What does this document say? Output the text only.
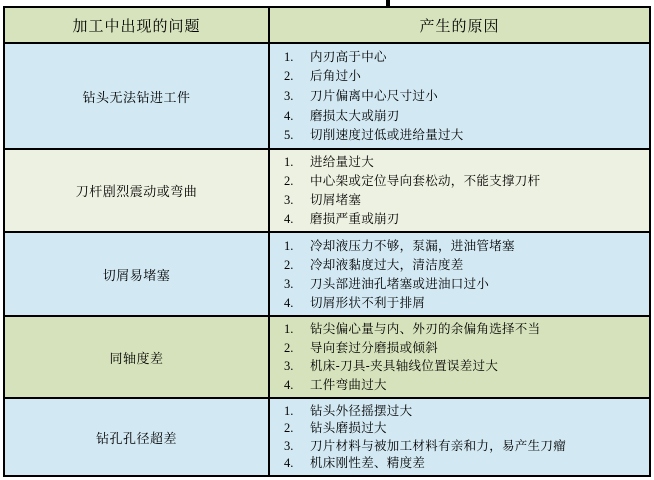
加工中出现的问题	产生的原因
钻头无法钻进工件	
1.	内刃高于中心
2.	后角过小
3.	刀片偏离中心尺寸过小
4.	磨损太大或崩刃
5.	切削速度过低或进给量过大

刀杆剧烈震动或弯曲	
1.	进给量过大
2.	中心架或定位导向套松动，不能支撑刀杆
3.	切屑堵塞
4.	磨损严重或崩刃

切屑易堵塞	
1.	冷却液压力不够，泵漏，进油管堵塞
2.	冷却液黏度过大，清洁度差
3.	刀头部进油孔堵塞或进油口过小
4.	切屑形状不利于排屑

同轴度差	
1.	钻尖偏心量与内、外刃的余偏角选择不当
2.	导向套过分磨损或倾斜
3.	机床-刀具-夹具轴线位置误差过大
4.	工件弯曲过大

钻孔孔径超差	
1.	钻头外径摇摆过大
2.	钻头磨损过大
3.	刀片材料与被加工材料有亲和力，易产生刀瘤
4.	机床刚性差、精度差
